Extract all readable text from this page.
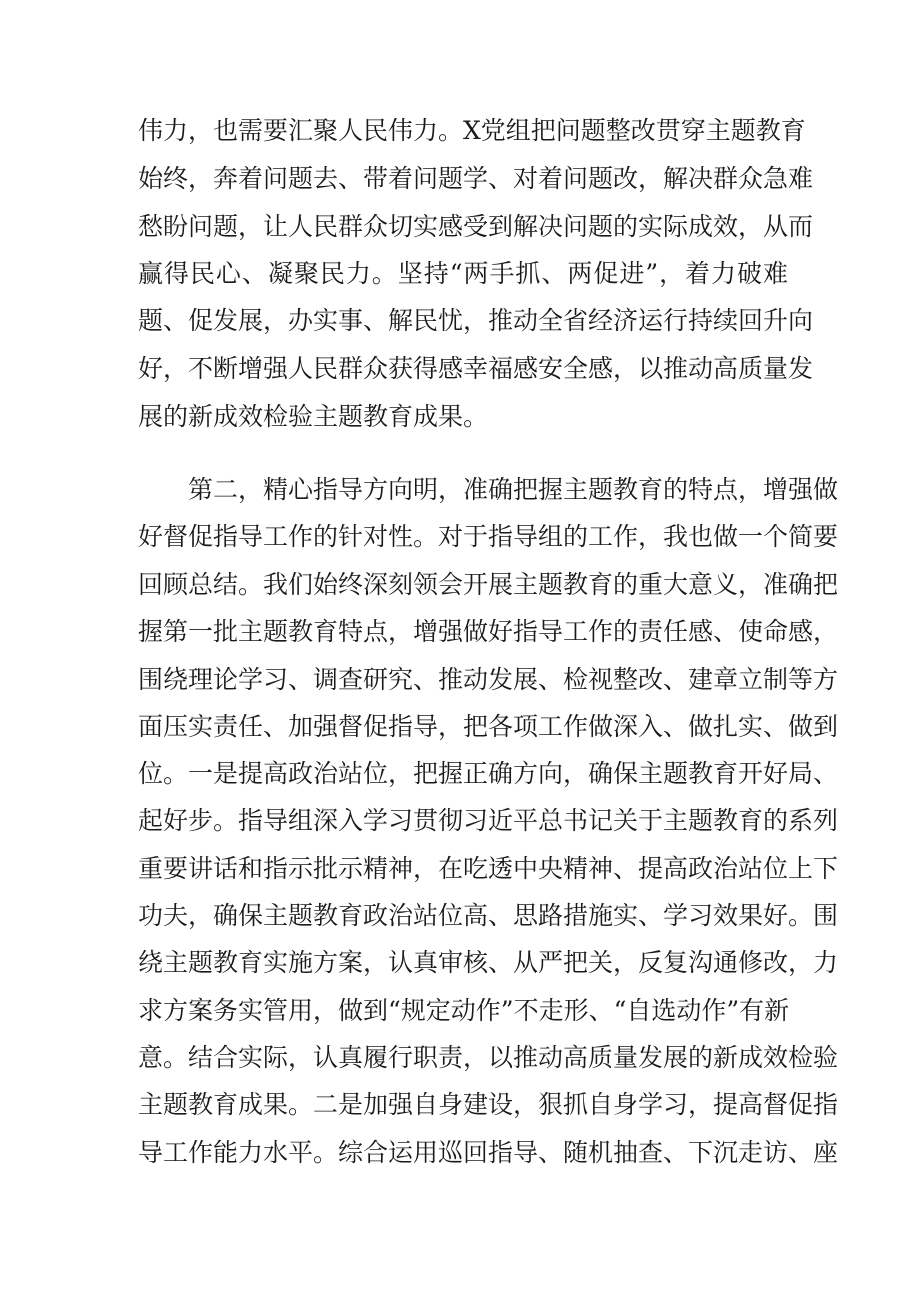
伟力，也需要汇聚人民伟力。X党组把问题整改贯穿主题教育
始终，奔着问题去、带着问题学、对着问题改，解决群众急难
愁盼问题，让人民群众切实感受到解决问题的实际成效，从而
赢得民心、凝聚民力。坚持“两手抓、两促进”，着力破难
题、促发展，办实事、解民忧，推动全省经济运行持续回升向
好，不断增强人民群众获得感幸福感安全感，以推动高质量发
展的新成效检验主题教育成果。
第二，精心指导方向明，准确把握主题教育的特点，增强做
好督促指导工作的针对性。对于指导组的工作，我也做一个简要
回顾总结。我们始终深刻领会开展主题教育的重大意义，准确把
握第一批主题教育特点，增强做好指导工作的责任感、使命感，
围绕理论学习、调查研究、推动发展、检视整改、建章立制等方
面压实责任、加强督促指导，把各项工作做深入、做扎实、做到
位。一是提高政治站位，把握正确方向，确保主题教育开好局、
起好步。指导组深入学习贯彻习近平总书记关于主题教育的系列
重要讲话和指示批示精神，在吃透中央精神、提高政治站位上下
功夫，确保主题教育政治站位高、思路措施实、学习效果好。围
绕主题教育实施方案，认真审核、从严把关，反复沟通修改，力
求方案务实管用，做到“规定动作”不走形、“自选动作”有新
意。结合实际，认真履行职责，以推动高质量发展的新成效检验
主题教育成果。二是加强自身建设，狠抓自身学习，提高督促指
导工作能力水平。综合运用巡回指导、随机抽查、下沉走访、座
